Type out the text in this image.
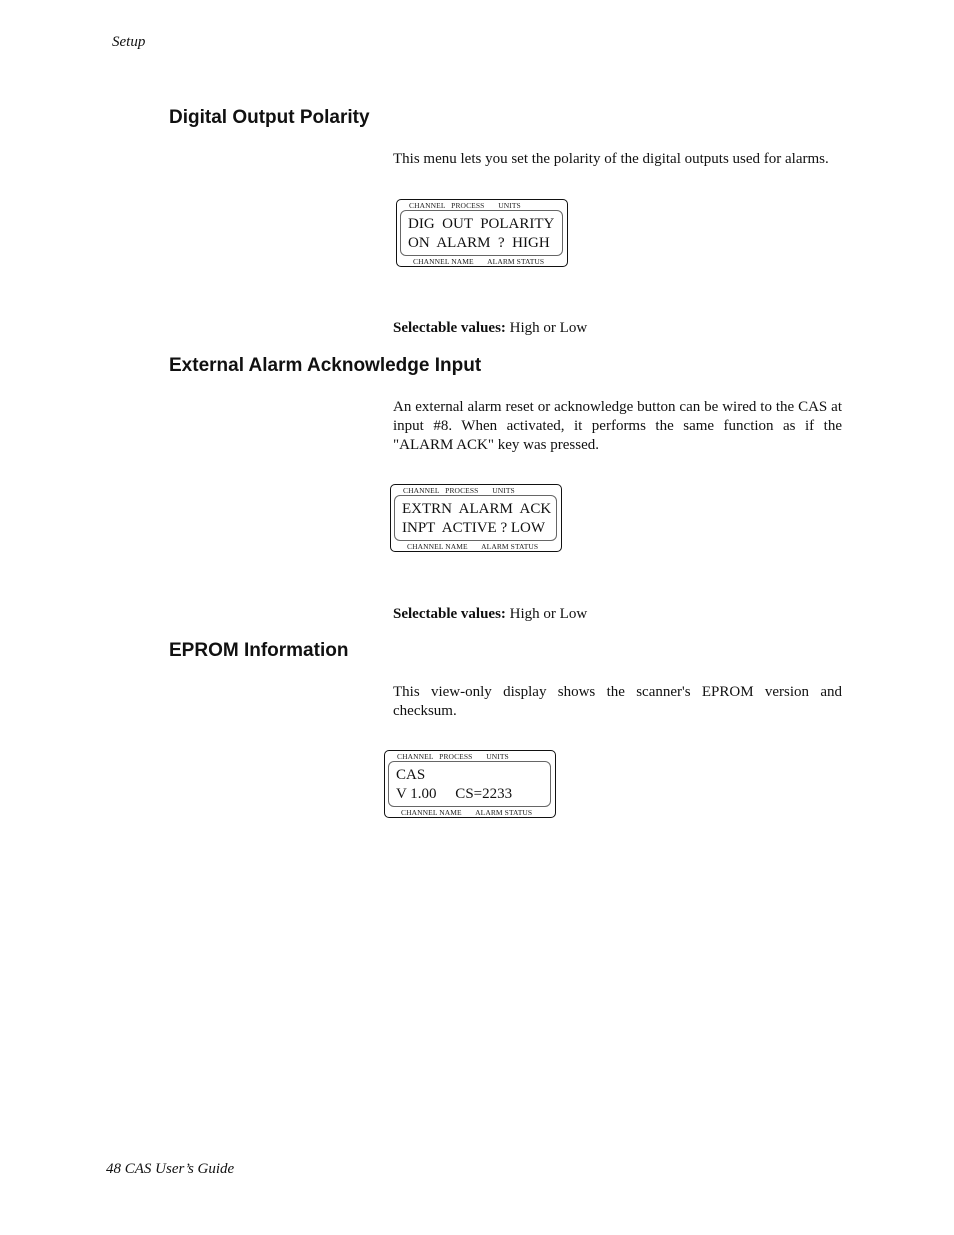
Setup
Digital Output Polarity

This menu lets you set the polarity of the digital outputs used for alarms.

CHANNEL   PROCESS       UNITS
DIG  OUT  POLARITY
ON  ALARM  ?  HIGH
CHANNEL NAME       ALARM STATUS

Selectable values: High or Low

External Alarm Acknowledge Input

An external alarm reset or acknowledge button can be wired to the CAS at input #8. When activated, it performs the same function as if the "ALARM ACK" key was pressed.

CHANNEL   PROCESS       UNITS
EXTRN  ALARM  ACK
INPT  ACTIVE ? LOW
CHANNEL NAME       ALARM STATUS

Selectable values: High or Low

EPROM Information

This view-only display shows the scanner's EPROM version and checksum.

CHANNEL   PROCESS       UNITS
CAS
V 1.00     CS=2233
CHANNEL NAME       ALARM STATUS
48 CAS User’s Guide
